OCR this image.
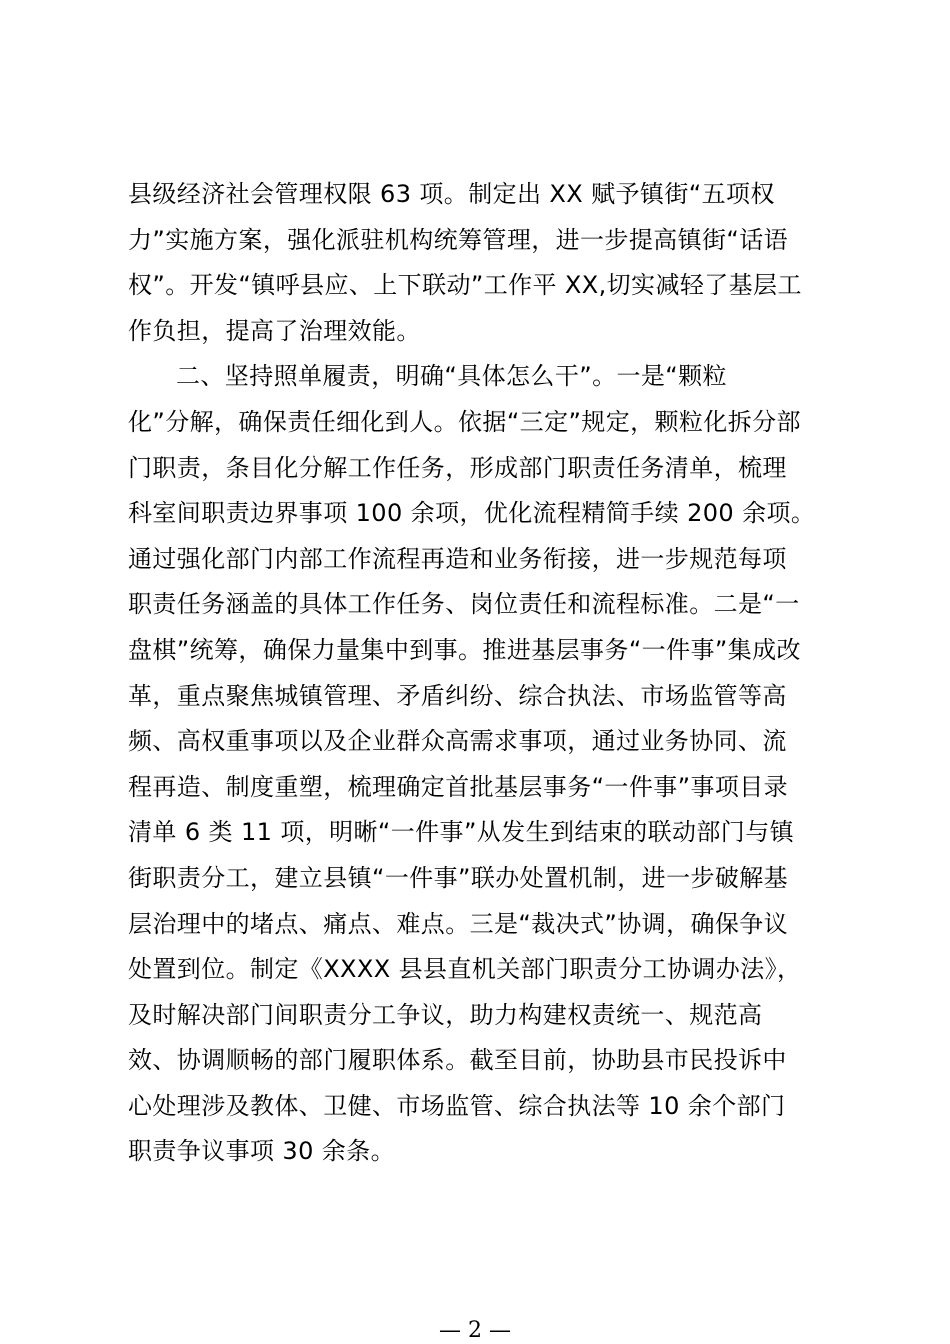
县级经济社会管理权限 63 项。制定出 XX 赋予镇街“五项权
力”实施方案，强化派驻机构统筹管理，进一步提高镇街“话语
权”。开发“镇呼县应、上下联动”工作平 XX,切实减轻了基层工
作负担，提高了治理效能。
二、坚持照单履责，明确“具体怎么干”。一是“颗粒
化”分解，确保责任细化到人。依据“三定”规定，颗粒化拆分部
门职责，条目化分解工作任务，形成部门职责任务清单，梳理
科室间职责边界事项 100 余项，优化流程精简手续 200 余项。
通过强化部门内部工作流程再造和业务衔接，进一步规范每项
职责任务涵盖的具体工作任务、岗位责任和流程标准。二是“一
盘棋”统筹，确保力量集中到事。推进基层事务“一件事”集成改
革，重点聚焦城镇管理、矛盾纠纷、综合执法、市场监管等高
频、高权重事项以及企业群众高需求事项，通过业务协同、流
程再造、制度重塑，梳理确定首批基层事务“一件事”事项目录
清单 6 类 11 项，明晰“一件事”从发生到结束的联动部门与镇
街职责分工，建立县镇“一件事”联办处置机制，进一步破解基
层治理中的堵点、痛点、难点。三是“裁决式”协调，确保争议
处置到位。制定《XXXX 县县直机关部门职责分工协调办法》，
及时解决部门间职责分工争议，助力构建权责统一、规范高
效、协调顺畅的部门履职体系。截至目前，协助县市民投诉中
心处理涉及教体、卫健、市场监管、综合执法等 10 余个部门
职责争议事项 30 余条。
— 2 —
